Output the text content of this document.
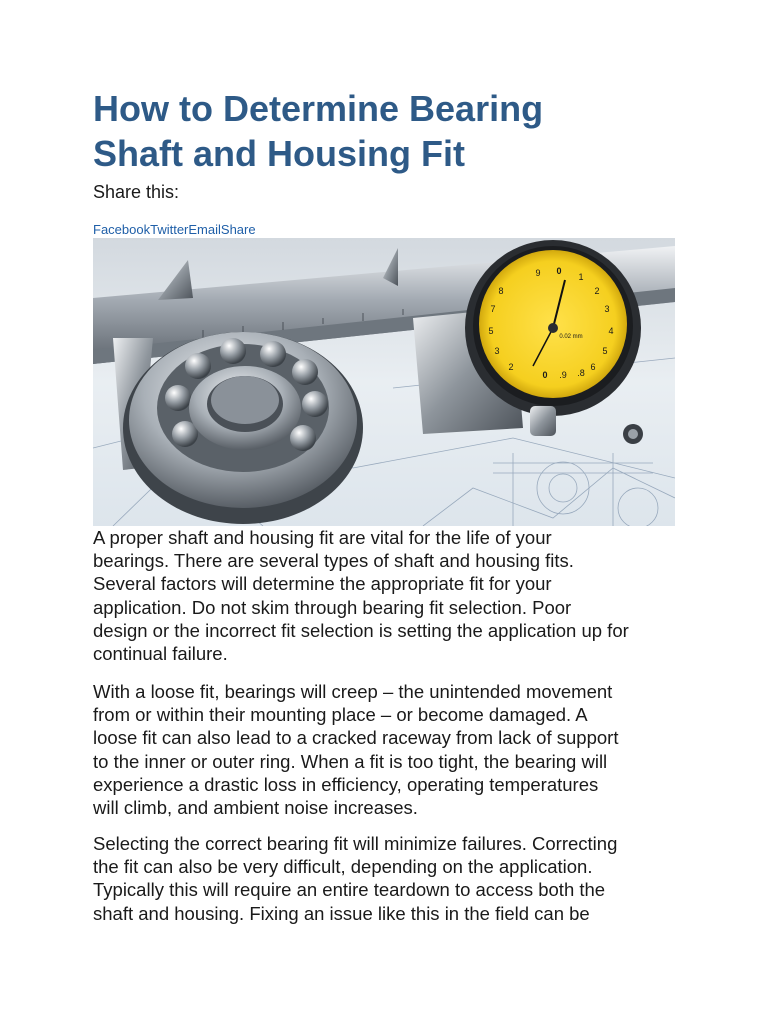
How to Determine Bearing
Shaft and Housing Fit
Share this:
FacebookTwitterEmailShare
9 0
1
2
3
4
5
6
8
7
5
3
2
0 .9 .8
0.02 mm

A proper shaft and housing fit are vital for the life of your
bearings. There are several types of shaft and housing fits.
Several factors will determine the appropriate fit for your
application. Do not skim through bearing fit selection. Poor
design or the incorrect fit selection is setting the application up for
continual failure.

With a loose fit, bearings will creep – the unintended movement
from or within their mounting place – or become damaged. A
loose fit can also lead to a cracked raceway from lack of support
to the inner or outer ring. When a fit is too tight, the bearing will
experience a drastic loss in efficiency, operating temperatures
will climb, and ambient noise increases.

Selecting the correct bearing fit will minimize failures. Correcting
the fit can also be very difficult, depending on the application.
Typically this will require an entire teardown to access both the
shaft and housing. Fixing an issue like this in the field can be
